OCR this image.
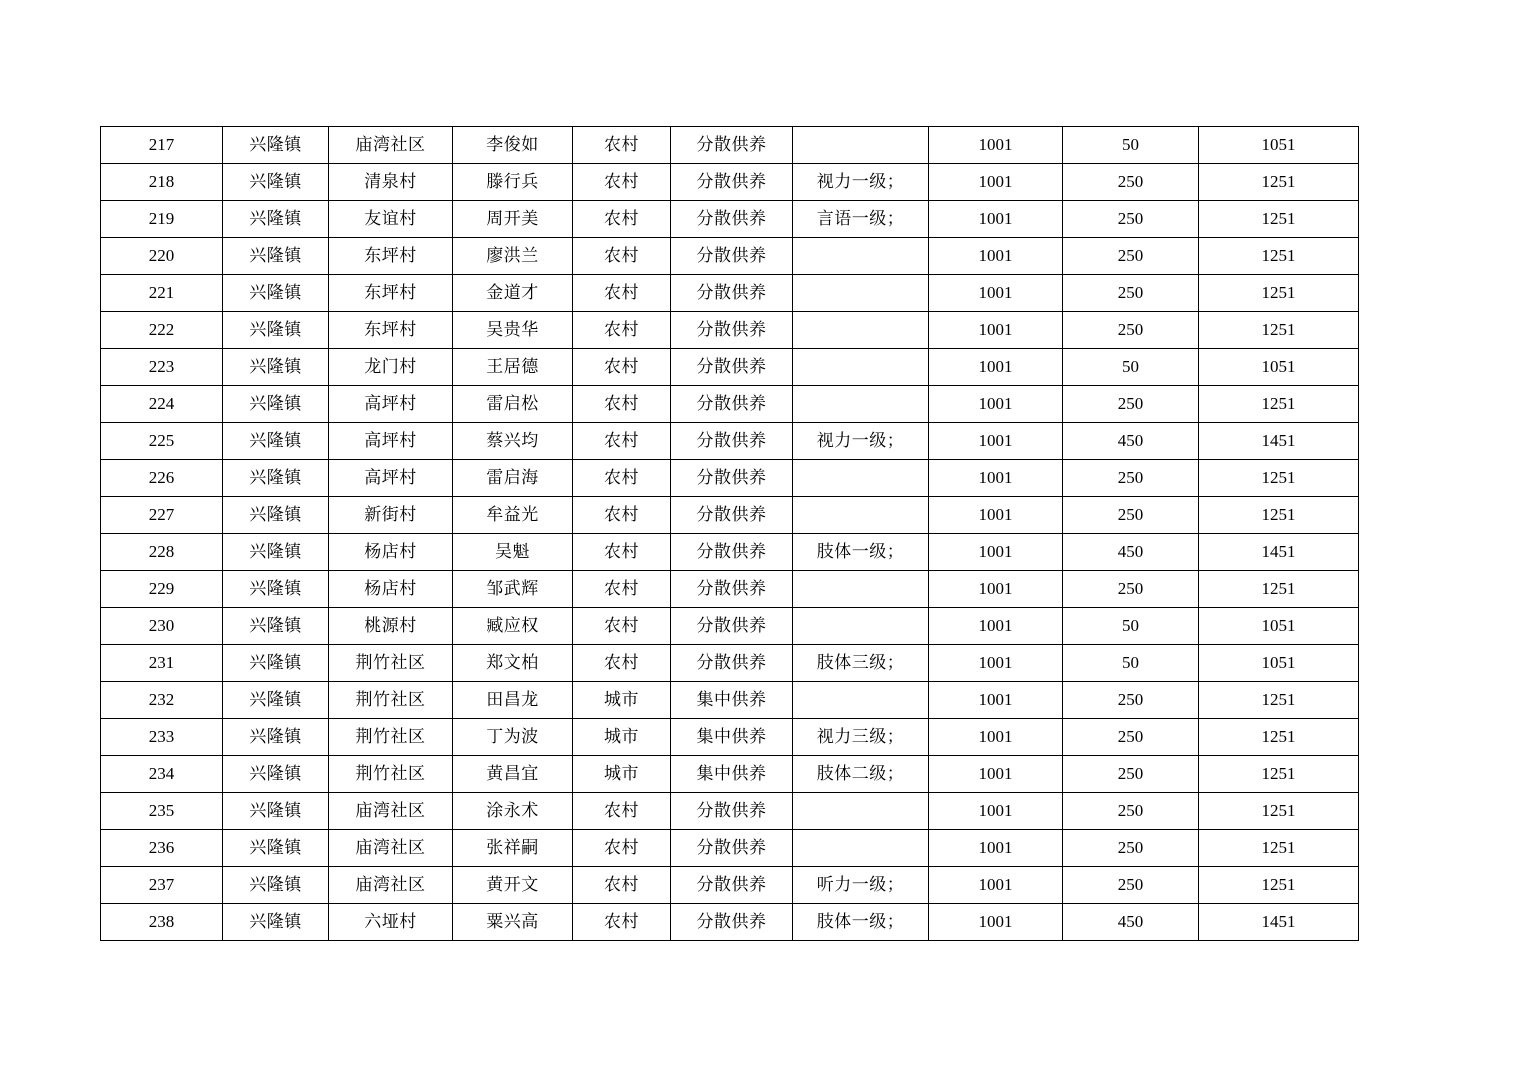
217	兴隆镇	庙湾社区	李俊如	农村	分散供养		1001	50	1051
218	兴隆镇	清泉村	滕行兵	农村	分散供养	视力一级；	1001	250	1251
219	兴隆镇	友谊村	周开美	农村	分散供养	言语一级；	1001	250	1251
220	兴隆镇	东坪村	廖洪兰	农村	分散供养		1001	250	1251
221	兴隆镇	东坪村	金道才	农村	分散供养		1001	250	1251
222	兴隆镇	东坪村	吴贵华	农村	分散供养		1001	250	1251
223	兴隆镇	龙门村	王居德	农村	分散供养		1001	50	1051
224	兴隆镇	高坪村	雷启松	农村	分散供养		1001	250	1251
225	兴隆镇	高坪村	蔡兴均	农村	分散供养	视力一级；	1001	450	1451
226	兴隆镇	高坪村	雷启海	农村	分散供养		1001	250	1251
227	兴隆镇	新街村	牟益光	农村	分散供养		1001	250	1251
228	兴隆镇	杨店村	吴魁	农村	分散供养	肢体一级；	1001	450	1451
229	兴隆镇	杨店村	邹武辉	农村	分散供养		1001	250	1251
230	兴隆镇	桃源村	臧应权	农村	分散供养		1001	50	1051
231	兴隆镇	荆竹社区	郑文柏	农村	分散供养	肢体三级；	1001	50	1051
232	兴隆镇	荆竹社区	田昌龙	城市	集中供养		1001	250	1251
233	兴隆镇	荆竹社区	丁为波	城市	集中供养	视力三级；	1001	250	1251
234	兴隆镇	荆竹社区	黄昌宜	城市	集中供养	肢体二级；	1001	250	1251
235	兴隆镇	庙湾社区	涂永术	农村	分散供养		1001	250	1251
236	兴隆镇	庙湾社区	张祥嗣	农村	分散供养		1001	250	1251
237	兴隆镇	庙湾社区	黄开文	农村	分散供养	听力一级；	1001	250	1251
238	兴隆镇	六垭村	粟兴高	农村	分散供养	肢体一级；	1001	450	1451
